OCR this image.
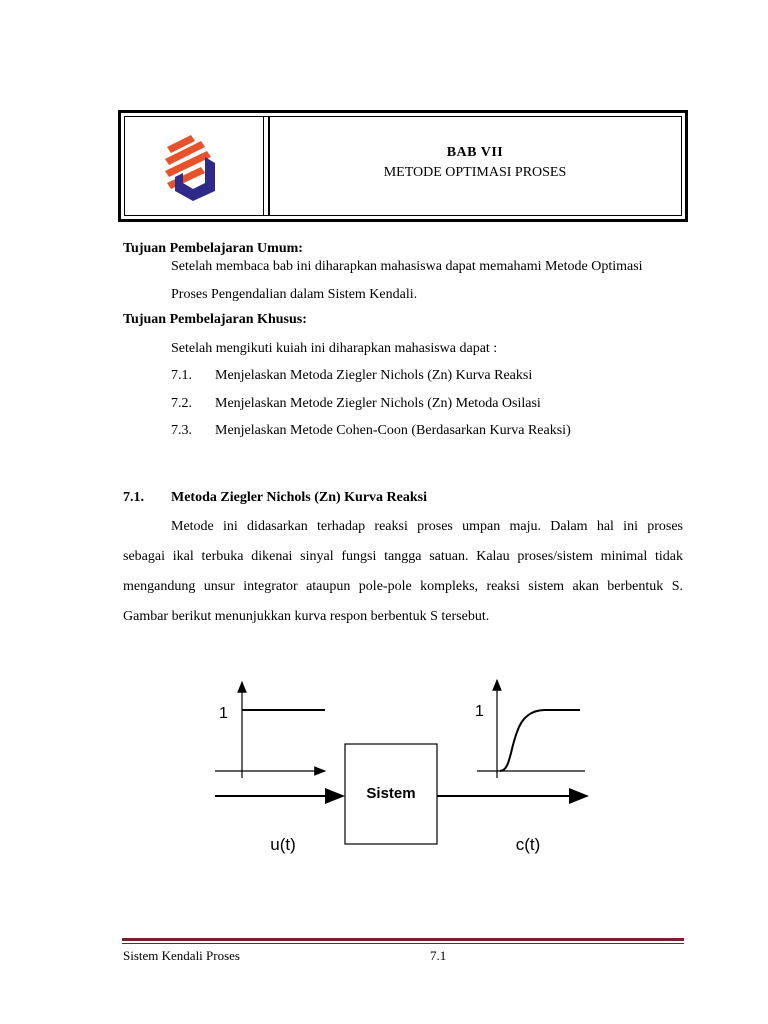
BAB VII
METODE OPTIMASI PROSES
Tujuan Pembelajaran Umum:
Setelah membaca bab ini diharapkan mahasiswa dapat memahami Metode Optimasi
Proses Pengendalian dalam Sistem Kendali.
Tujuan Pembelajaran Khusus:
Setelah mengikuti kuiah ini diharapkan mahasiswa dapat :
7.1. Menjelaskan Metoda Ziegler Nichols (Zn) Kurva Reaksi
7.2. Menjelaskan Metode Ziegler Nichols (Zn) Metoda Osilasi
7.3. Menjelaskan Metode Cohen-Coon (Berdasarkan Kurva Reaksi)
7.1. Metoda Ziegler Nichols (Zn) Kurva Reaksi
Metode ini didasarkan terhadap reaksi proses umpan maju. Dalam hal ini proses
sebagai ikal terbuka dikenai sinyal fungsi tangga satuan. Kalau proses/sistem minimal tidak
mengandung unsur integrator ataupun pole-pole kompleks, reaksi sistem akan berbentuk S.
Gambar berikut menunjukkan kurva respon berbentuk S tersebut.
1
Sistem
1
u(t)	c(t)
Sistem Kendali Proses	7.1
